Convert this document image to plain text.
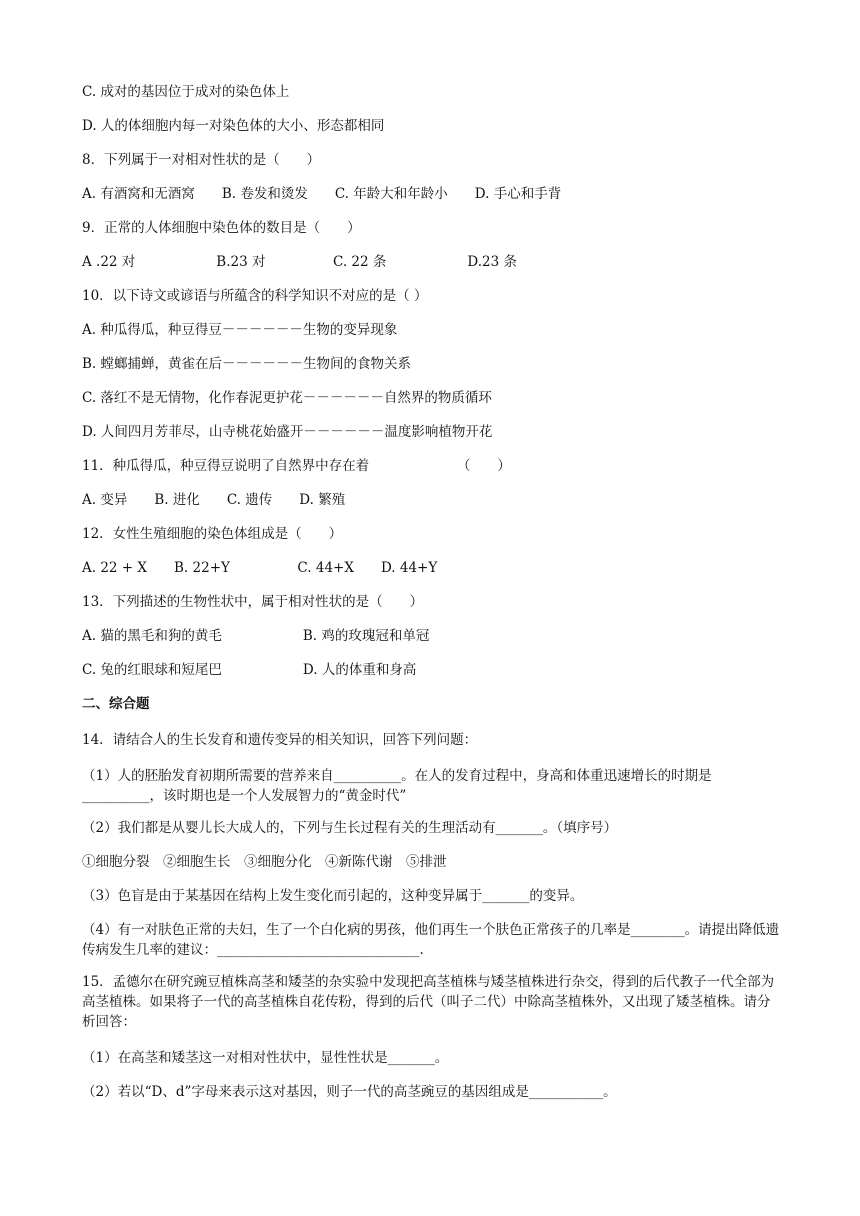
C. 成对的基因位于成对的染色体上
D. 人的体细胞内每一对染色体的大小、形态都相同
8．下列属于一对相对性状的是（　　）
A. 有酒窝和无酒窝　　B. 卷发和烫发　　C. 年龄大和年龄小　　D. 手心和手背
9．正常的人体细胞中染色体的数目是（　　）
A .22 对　　　　　　B.23 对　　　　　C. 22 条　　　　　　D.23 条
10．以下诗文或谚语与所蕴含的科学知识不对应的是（ ）
A. 种瓜得瓜，种豆得豆－－－－－－生物的变异现象
B. 螳螂捕蝉，黄雀在后－－－－－－生物间的食物关系
C. 落红不是无情物，化作春泥更护花－－－－－－自然界的物质循环
D. 人间四月芳菲尽，山寺桃花始盛开－－－－－－温度影响植物开花
11．种瓜得瓜，种豆得豆说明了自然界中存在着　　　　　　　（　　）
A. 变异　　B. 进化　　C. 遗传　　D. 繁殖
12．女性生殖细胞的染色体组成是（　　）
A. 22 + X　　B. 22+Y　　　　　C. 44+X　　D. 44+Y
13．下列描述的生物性状中，属于相对性状的是（　　）
A. 猫的黑毛和狗的黄毛　　　　　　B. 鸡的玫瑰冠和单冠
C. 兔的红眼球和短尾巴　　　　　　D. 人的体重和身高
二、综合题
14．请结合人的生长发育和遗传变异的相关知识，回答下列问题：
（1）人的胚胎发育初期所需要的营养来自__________。在人的发育过程中，身高和体重迅速增长的时期是__________，该时期也是一个人发展智力的“黄金时代”
（2）我们都是从婴儿长大成人的，下列与生长过程有关的生理活动有_______。（填序号）
①细胞分裂　②细胞生长　③细胞分化　④新陈代谢　⑤排泄
（3）色盲是由于某基因在结构上发生变化而引起的，这种变异属于_______的变异。
（4）有一对肤色正常的夫妇，生了一个白化病的男孩，他们再生一个肤色正常孩子的几率是________。请提出降低遗传病发生几率的建议：______________________________.
15．孟德尔在研究豌豆植株高茎和矮茎的杂实验中发现把高茎植株与矮茎植株进行杂交，得到的后代教子一代全部为高茎植株。如果将子一代的高茎植株自花传粉，得到的后代（叫子二代）中除高茎植株外，又出现了矮茎植株。请分析回答：
（1）在高茎和矮茎这一对相对性状中，显性性状是_______。
（2）若以“D、d”字母来表示这对基因，则子一代的高茎豌豆的基因组成是___________。
